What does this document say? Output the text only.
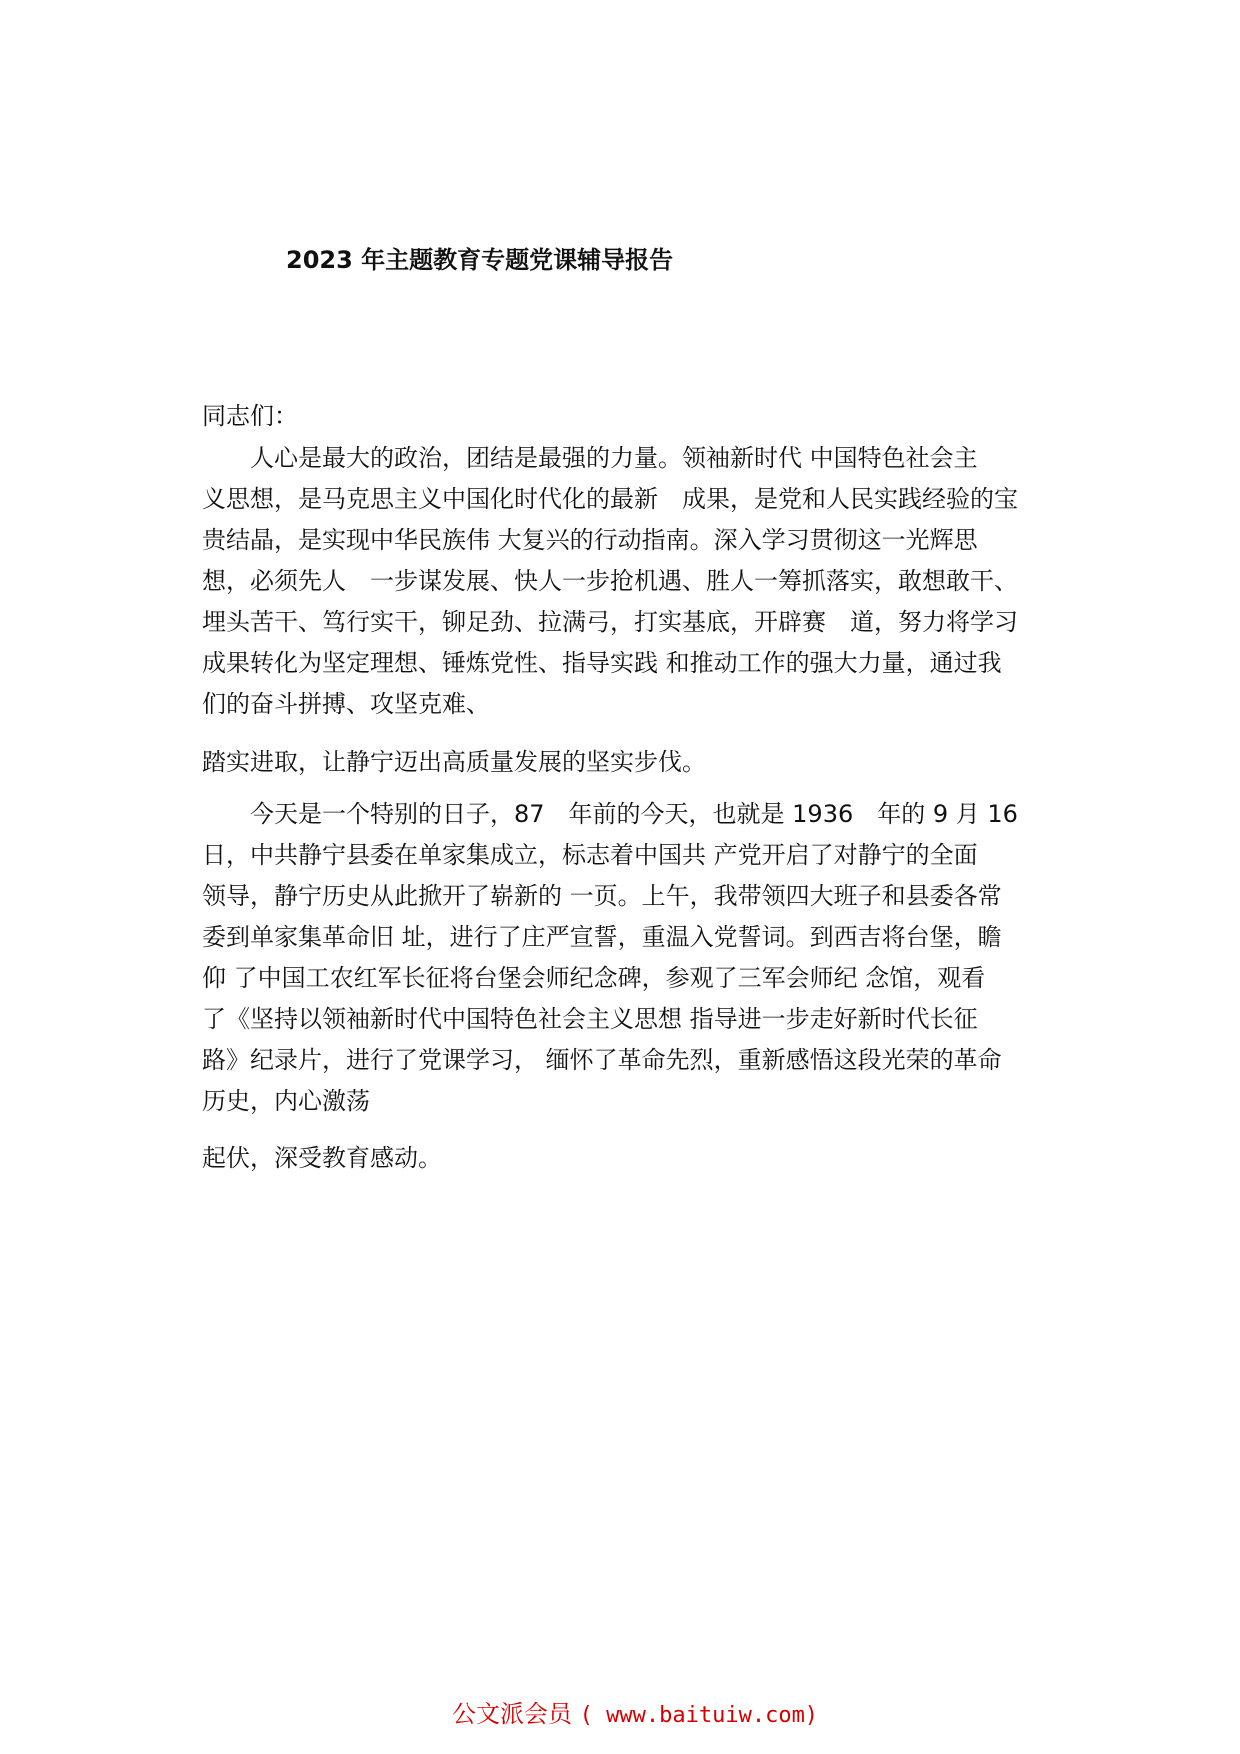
2023 年主题教育专题党课辅导报告
同志们：
　　人心是最大的政治，团结是最强的力量。领袖新时代 中国特色社会主
义思想，是马克思主义中国化时代化的最新　成果，是党和人民实践经验的宝
贵结晶，是实现中华民族伟 大复兴的行动指南。深入学习贯彻这一光辉思
想，必须先人　一步谋发展、快人一步抢机遇、胜人一筹抓落实，敢想敢干、
埋头苦干、笃行实干，铆足劲、拉满弓，打实基底，开辟赛　道，努力将学习
成果转化为坚定理想、锤炼党性、指导实践 和推动工作的强大力量，通过我
们的奋斗拼搏、攻坚克难、
踏实进取，让静宁迈出高质量发展的坚实步伐。
　　今天是一个特别的日子，87　年前的今天，也就是 1936　年的 9 月 16
日，中共静宁县委在单家集成立，标志着中国共 产党开启了对静宁的全面
领导，静宁历史从此掀开了崭新的 一页。上午，我带领四大班子和县委各常
委到单家集革命旧 址，进行了庄严宣誓，重温入党誓词。到西吉将台堡，瞻
仰 了中国工农红军长征将台堡会师纪念碑，参观了三军会师纪 念馆，观看
了《坚持以领袖新时代中国特色社会主义思想 指导进一步走好新时代长征
路》纪录片，进行了党课学习， 缅怀了革命先烈，重新感悟这段光荣的革命
历史，内心激荡
起伏，深受教育感动。
公文派会员 ( www.baituiw.com)
